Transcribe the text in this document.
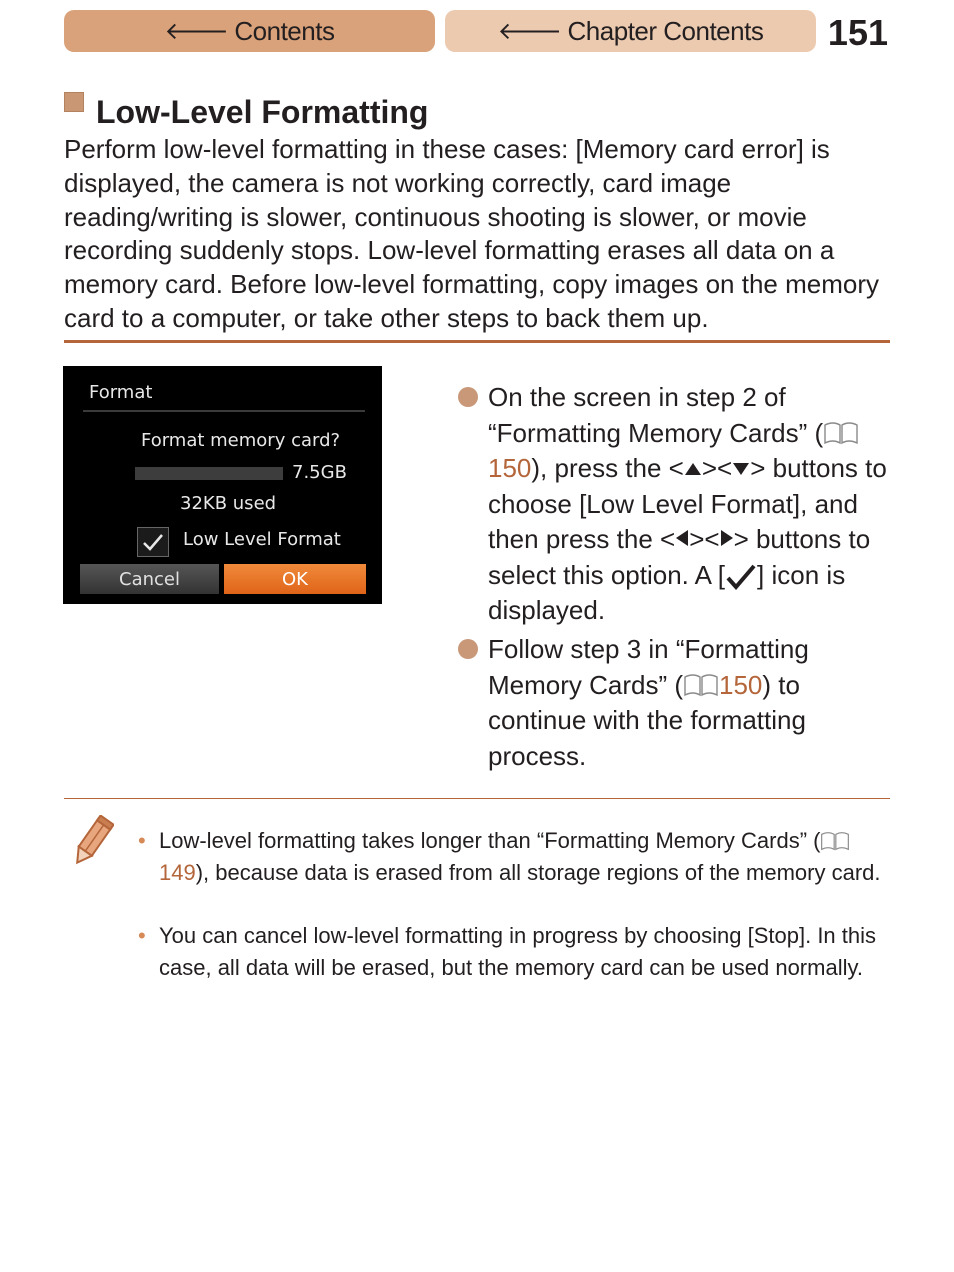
🡐 Contents	🡐 Chapter Contents 151
Low-Level Formatting

Perform low-level formatting in these cases: [Memory card error] is displayed, the camera is not working correctly, card image reading/writing is slower, continuous shooting is slower, or movie recording suddenly stops. Low-level formatting erases all data on a memory card. Before low-level formatting, copy images on the memory card to a computer, or take other steps to back them up.

Format
Format memory card?
7.5GB
32KB used
Low Level Format
Cancel	OK
On the screen in step 2 of “Formatting Memory Cards” (150), press the < >< > buttons to choose [Low Level Format], and then press the < >< > buttons to select this option. A [ ] icon is displayed.
Follow step 3 in “Formatting Memory Cards” ( 150) to continue with the formatting process.
• Low-level formatting takes longer than “Formatting Memory Cards” (149), because data is erased from all storage regions of the memory card.
• You can cancel low-level formatting in progress by choosing [Stop]. In this case, all data will be erased, but the memory card can be used normally.
